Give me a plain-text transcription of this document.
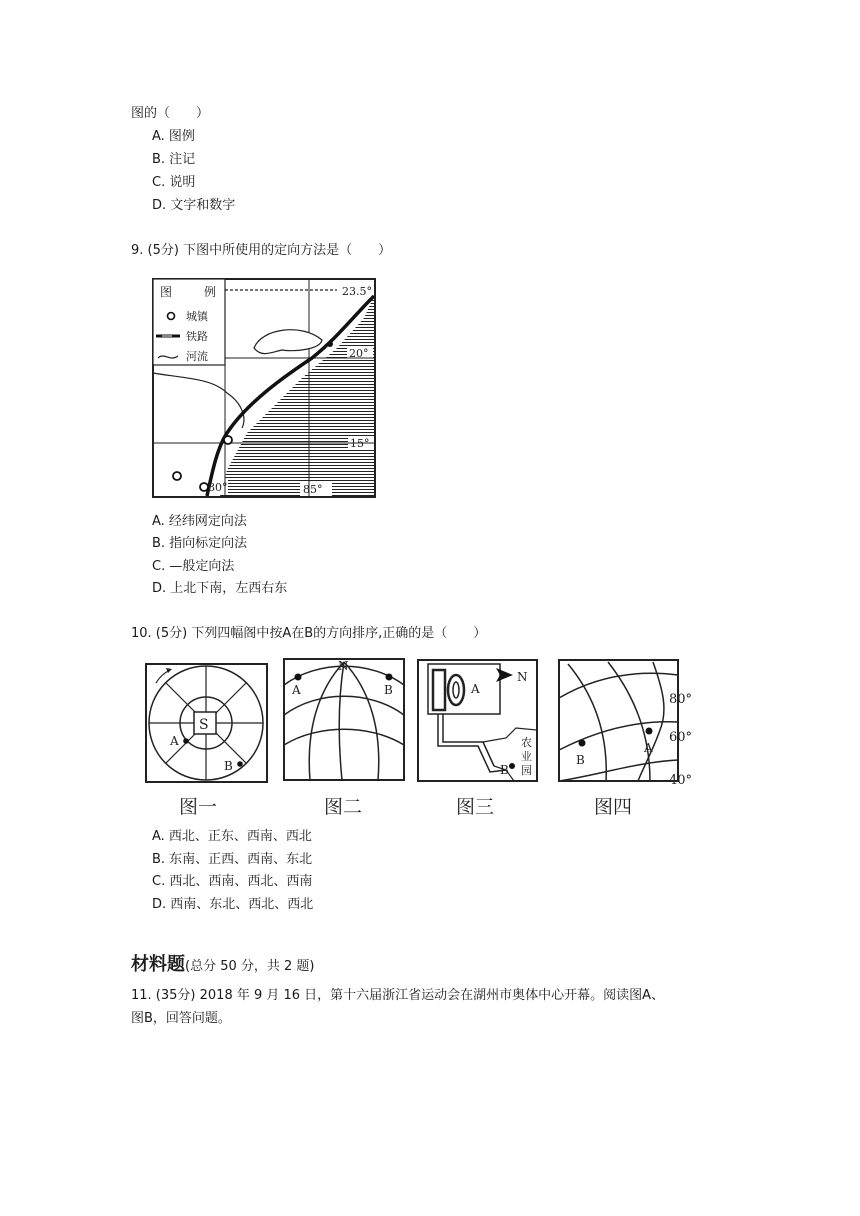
图的（　　）
A. 图例
B. 注记
C. 说明
D. 文字和数字
9. (5分) 下图中所使用的定向方法是（　　）
图	例
城镇
铁路
河流
23.5°
20°
15°
80°	85°
A. 经纬网定向法
B. 指向标定向法
C. —般定向法
D. 上北下南，左西右东
10. (5分) 下列四幅阁中按A在B的方向排序,正确的是（　　）
S
A
B
图一
N
A	B
图二
A
N
农
业
园
B
图三
A
B
80°
60°
40°
图四
A. 西北、正东、西南、西北
B. 东南、正西、西南、东北
C. 西北、西南、西北、西南
D. 西南、东北、西北、西北
材料题(总分 50 分，共 2 题)
11. (35分) 2018 年 9 月 16 日，第十六届浙江省运动会在湖州市奥体中心开幕。阅读图A、
图B，回答问题。
